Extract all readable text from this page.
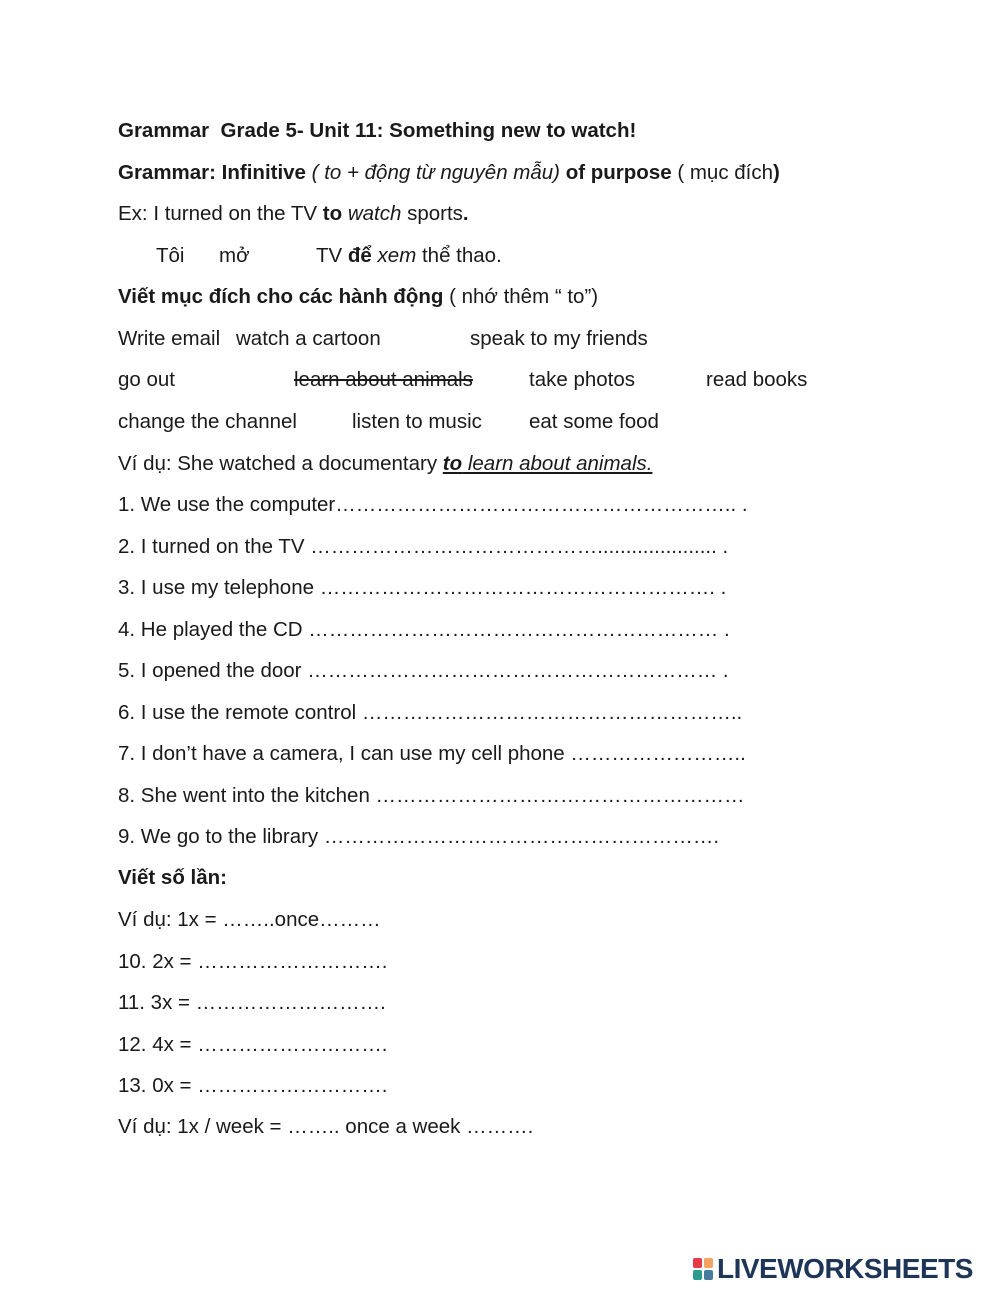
Grammar  Grade 5- Unit 11: Something new to watch!
Grammar: Infinitive ( to + động từ nguyên mẫu) of purpose ( mục đích)
Ex: I turned on the TV to watch sports.
Tôi mở	TV để xem thể thao.
Viết mục đích cho các hành động ( nhớ thêm “ to”)
Write email watch a cartoon	speak to my friends
go out	learn about animals	take photos	read books
change the channel	listen to music eat some food
Ví dụ: She watched a documentary to learn about animals.
1. We use the computer………………………………………………….. .
2. I turned on the TV ……………………………………..................... .
3. I use my telephone …………………………………………………. .
4. He played the CD …………………………………………………… .
5. I opened the door …………………………………………………… .
6. I use the remote control ………………………………………………..
7. I don’t have a camera, I can use my cell phone ……………………..
8. She went into the kitchen ………………………………………………
9. We go to the library ………………………………………………….
Viết số lần:
Ví dụ: 1x = ……..once………
10. 2x = ……………………….
11. 3x = ……………………….
12. 4x = ……………………….
13. 0x = ……………………….
Ví dụ: 1x / week = …….. once a week ……….
LIVEWORKSHEETS
